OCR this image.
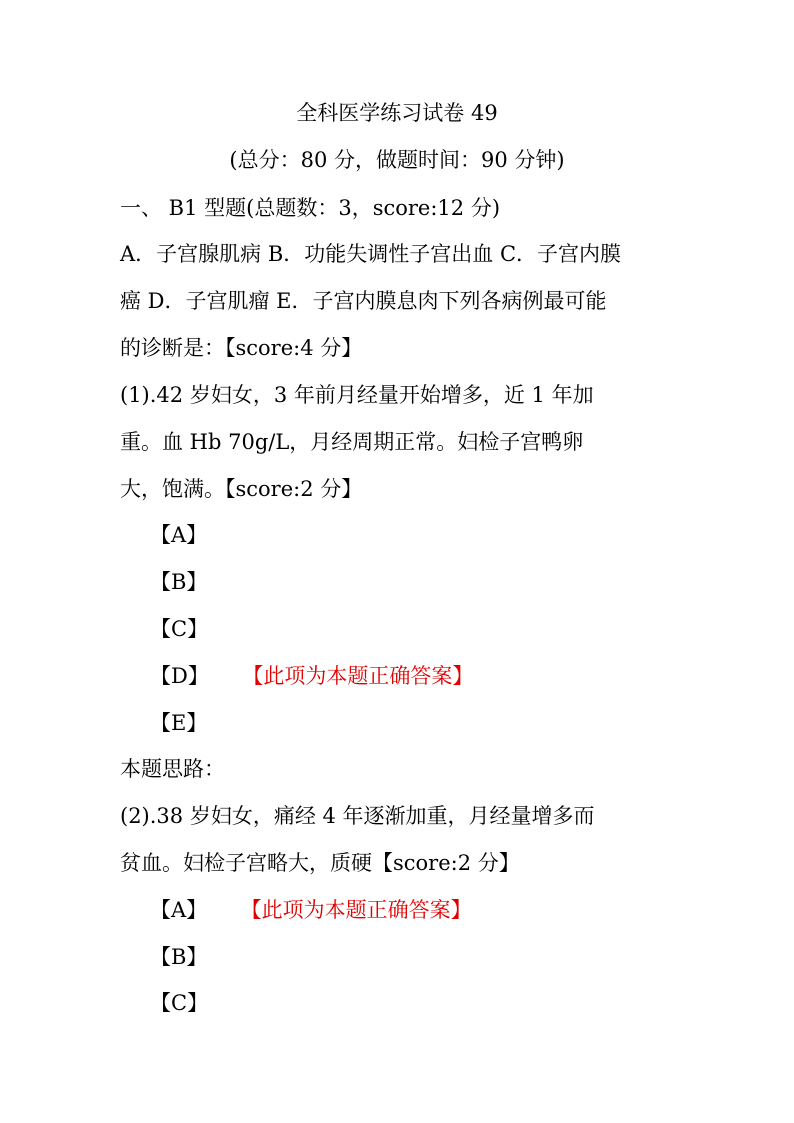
全科医学练习试卷 49
(总分：80 分，做题时间：90 分钟)
一、 B1 型题(总题数：3，score:12 分)
A．子宫腺肌病 B．功能失调性子宫出血 C．子宫内膜
癌 D．子宫肌瘤 E．子宫内膜息肉下列各病例最可能
的诊断是：【score:4 分】
(1).42 岁妇女，3 年前月经量开始增多，近 1 年加
重。血 Hb 70g/L，月经周期正常。妇检子宫鸭卵
大，饱满。【score:2 分】
【A】
【B】
【C】
【D】 【此项为本题正确答案】
【E】
本题思路：
(2).38 岁妇女，痛经 4 年逐渐加重，月经量增多而
贫血。妇检子宫略大，质硬【score:2 分】
【A】 【此项为本题正确答案】
【B】
【C】
